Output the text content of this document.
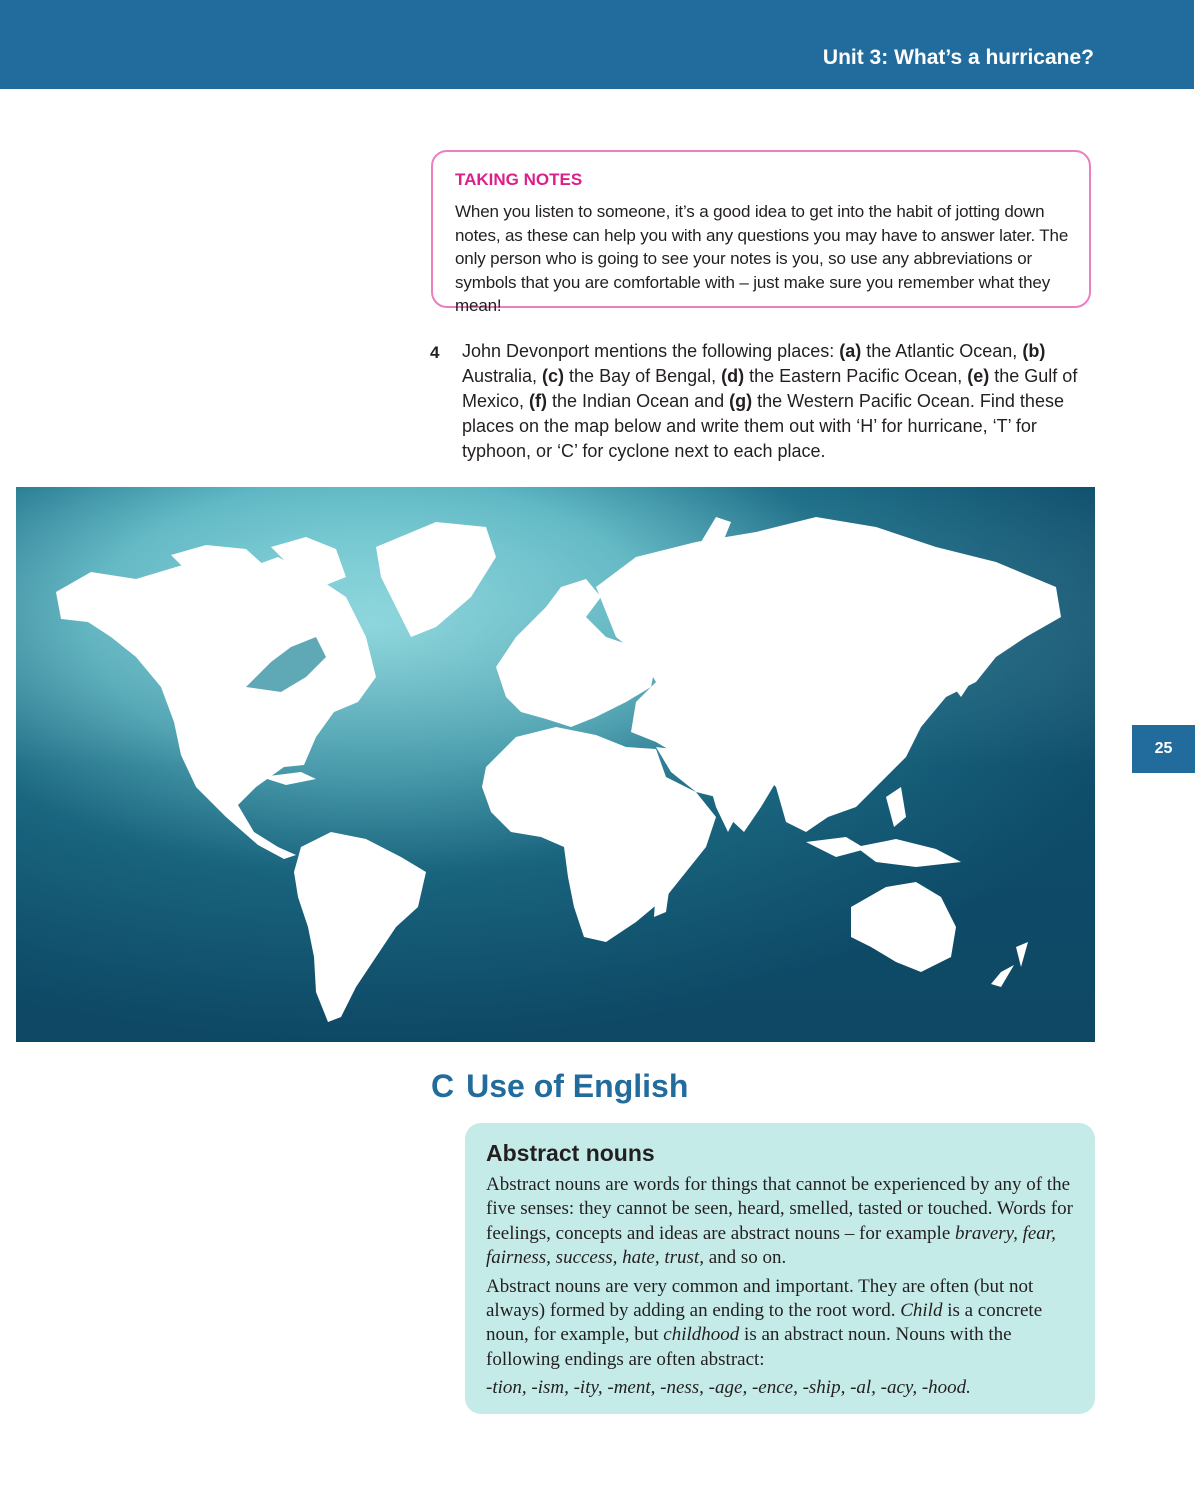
Unit 3: What’s a hurricane?

TAKING NOTES

When you listen to someone, it’s a good idea to get into the habit of jotting down notes, as these can help you with any questions you may have to answer later. The only person who is going to see your notes is you, so use any abbreviations or symbols that you are comfortable with – just make sure you remember what they mean!

4 John Devonport mentions the following places: (a) the Atlantic Ocean, (b) Australia, (c) the Bay of Bengal, (d) the Eastern Pacific Ocean, (e) the Gulf of Mexico, (f) the Indian Ocean and (g) the Western Pacific Ocean. Find these places on the map below and write them out with ‘H’ for hurricane, ‘T’ for typhoon, or ‘C’ for cyclone next to each place.

25
C Use of English
Abstract nouns

Abstract nouns are words for things that cannot be experienced by any of the five senses: they cannot be seen, heard, smelled, tasted or touched. Words for feelings, concepts and ideas are abstract nouns – for example bravery, fear, fairness, success, hate, trust, and so on.

Abstract nouns are very common and important. They are often (but not always) formed by adding an ending to the root word. Child is a concrete noun, for example, but childhood is an abstract noun. Nouns with the following endings are often abstract:

-tion, -ism, -ity, -ment, -ness, -age, -ence, -ship, -al, -acy, -hood.
